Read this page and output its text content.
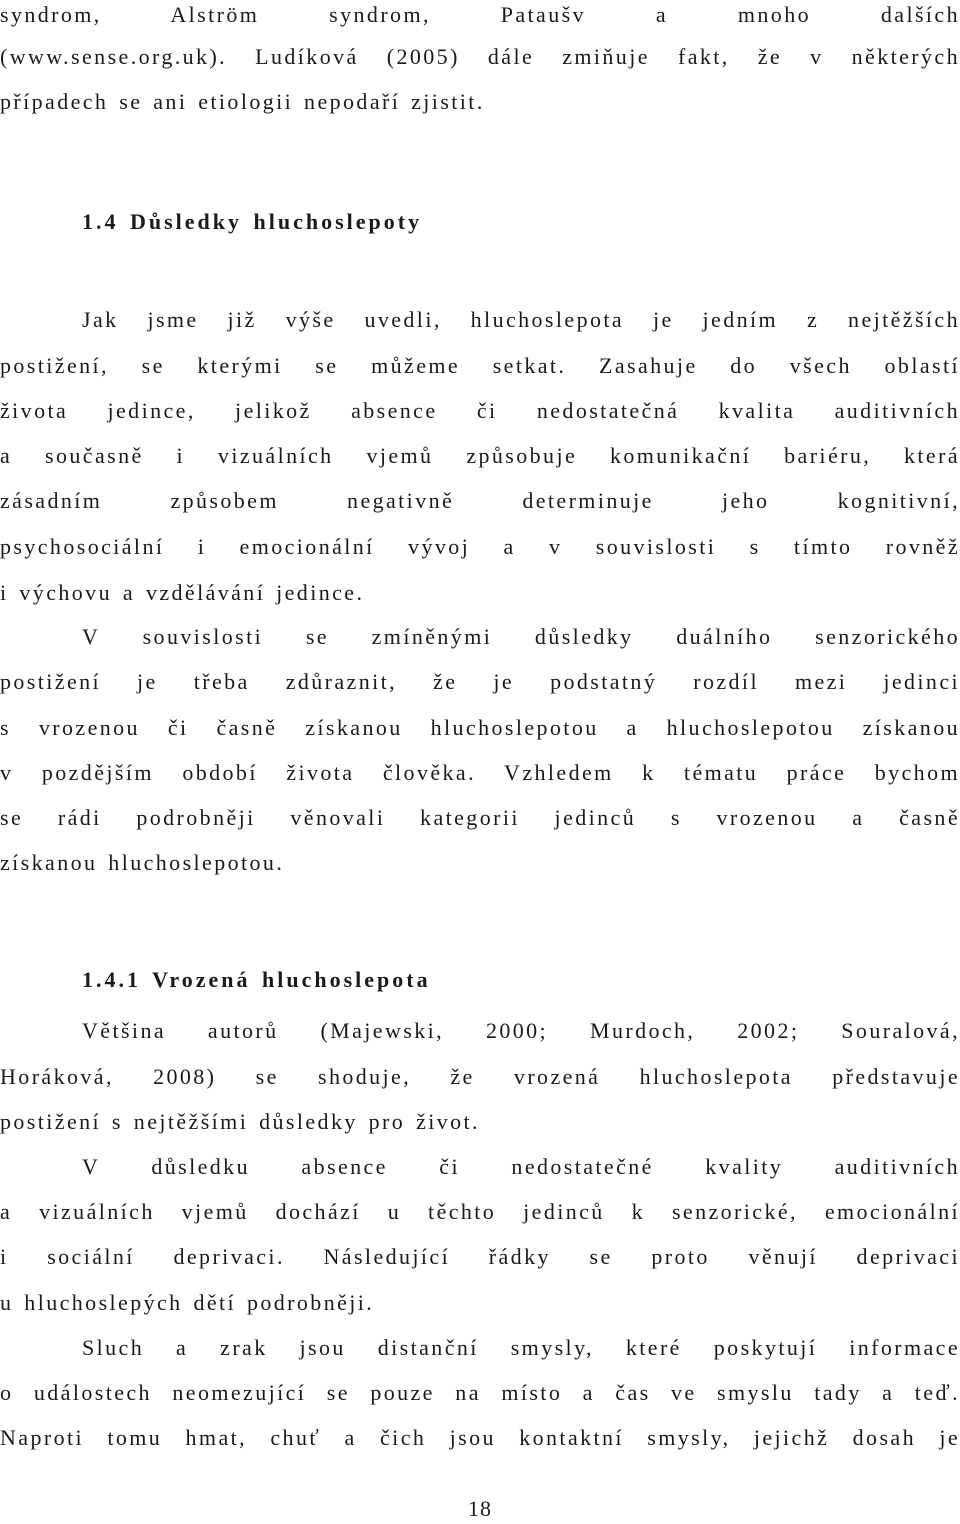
syndrom, Alström syndrom, Pataušv a mnoho dalších
(www.sense.org.uk). Ludíková (2005) dále zmiňuje fakt, že v některých
případech se ani etiologii nepodaří zjistit.
1.4 Důsledky hluchoslepoty
Jak jsme již výše uvedli, hluchoslepota je jedním z nejtěžších
postižení, se kterými se můžeme setkat. Zasahuje do všech oblastí
života jedince, jelikož absence či nedostatečná kvalita auditivních
a současně i vizuálních vjemů způsobuje komunikační bariéru, která
zásadním způsobem negativně determinuje jeho kognitivní,
psychosociální i emocionální vývoj a v souvislosti s tímto rovněž
i výchovu a vzdělávání jedince.
V souvislosti se zmíněnými důsledky duálního senzorického
postižení je třeba zdůraznit, že je podstatný rozdíl mezi jedinci
s vrozenou či časně získanou hluchoslepotou a hluchoslepotou získanou
v pozdějším období života člověka. Vzhledem k tématu práce bychom
se rádi podrobněji věnovali kategorii jedinců s vrozenou a časně
získanou hluchoslepotou.
1.4.1 Vrozená hluchoslepota
Většina autorů (Majewski, 2000; Murdoch, 2002; Souralová,
Horáková, 2008) se shoduje, že vrozená hluchoslepota představuje
postižení s nejtěžšími důsledky pro život.
V důsledku absence či nedostatečné kvality auditivních
a vizuálních vjemů dochází u těchto jedinců k senzorické, emocionální
i sociální deprivaci. Následující řádky se proto věnují deprivaci
u hluchoslepých dětí podrobněji.
Sluch a zrak jsou distanční smysly, které poskytují informace
o událostech neomezující se pouze na místo a čas ve smyslu tady a teď.
Naproti tomu hmat, chuť a čich jsou kontaktní smysly, jejichž dosah je
18
